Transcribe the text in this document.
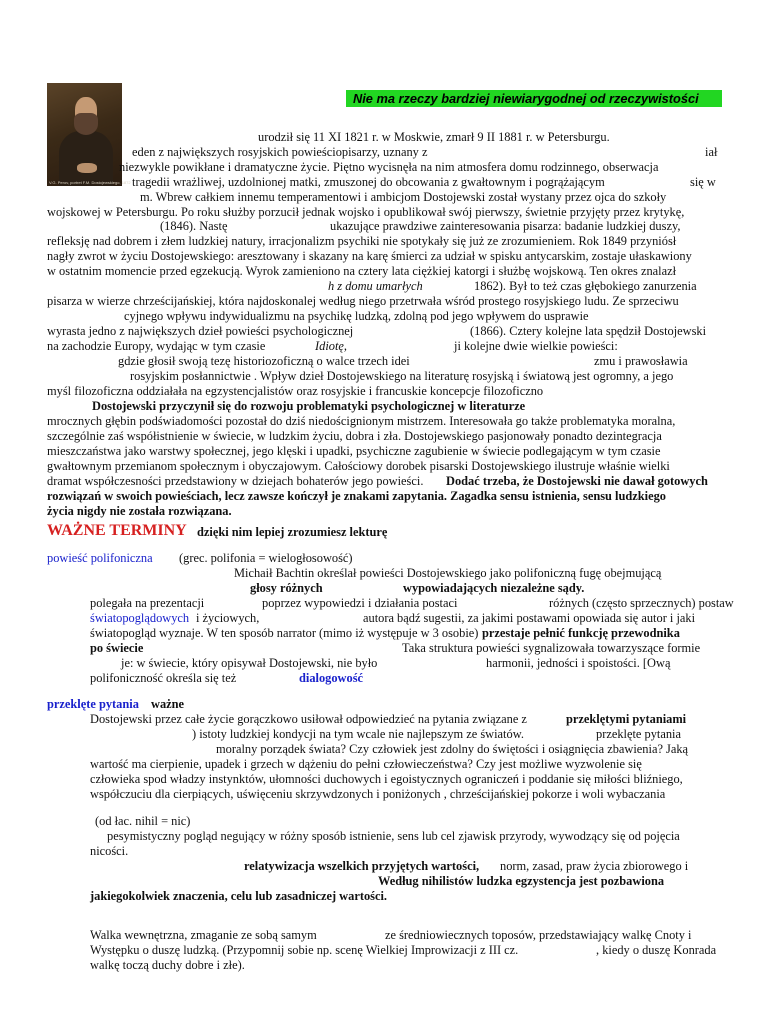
V.G. Perov, portret F.M. Dostojewskiego, 1872
Nie ma rzeczy bardziej niewiarygodnej od rzeczywistości
urodził się 11 XI 1821 r. w Moskwie, zmarł 9 II 1881 r. w Petersburgu.
eden z największych rosyjskich powieściopisarzy, uznany z	iał
niezwykle powikłane i dramatyczne życie. Piętno wycisnęła na nim atmosfera domu rodzinnego, obserwacja
tragedii wrażliwej, uzdolnionej matki, zmuszonej do obcowania z gwałtownym i pogrążającym	się w
m. Wbrew całkiem innemu temperamentowi i ambicjom Dostojewski został wystany przez ojca do szkoły
wojskowej w Petersburgu. Po roku służby porzucił jednak wojsko i opublikował swój pierwszy, świetnie przyjęty przez krytykę,
(1846). Nastę	ukazujące prawdziwe zainteresowania pisarza: badanie ludzkiej duszy,
refleksję nad dobrem i złem ludzkiej natury, irracjonalizm psychiki nie spotykały się już ze zrozumieniem. Rok 1849 przyniósł
nagły zwrot w życiu Dostojewskiego: aresztowany i skazany na karę śmierci za udział w spisku antycarskim, zostaje ułaskawiony
w ostatnim momencie przed egzekucją. Wyrok zamieniono na cztery lata ciężkiej katorgi i służbę wojskową. Ten okres znalazł
h z domu umarłych	1862). Był to też czas głębokiego zanurzenia
pisarza w wierze chrześcijańskiej, która najdoskonalej według niego przetrwała wśród prostego rosyjskiego ludu. Ze sprzeciwu
cyjnego wpływu indywidualizmu na psychikę ludzką, zdolną pod jego wpływem do usprawie
wyrasta jedno z największych dzieł powieści psychologicznej	(1866). Cztery kolejne lata spędził Dostojewski
na zachodzie Europy, wydając w tym czasie	Idiotę,	ji kolejne dwie wielkie powieści:
gdzie głosił swoją tezę historiozoficzną o walce trzech idei	zmu i prawosławia
rosyjskim posłannictwie . Wpływ dzieł Dostojewskiego na literaturę rosyjską i światową jest ogromny, a jego
myśl filozoficzna oddziałała na egzystencjalistów oraz rosyjskie i francuskie koncepcje filozoficzno
Dostojewski przyczynił się do rozwoju problematyki psychologicznej w literaturze
mrocznych głębin podświadomości pozostał do dziś niedoścignionym mistrzem. Interesowała go także problematyka moralna,
szczególnie zaś współistnienie w świecie, w ludzkim życiu, dobra i zła. Dostojewskiego pasjonowały ponadto dezintegracja
mieszczaństwa jako warstwy społecznej, jego klęski i upadki, psychiczne zagubienie w świecie podlegającym w tym czasie
gwałtownym przemianom społecznym i obyczajowym. Całościowy dorobek pisarski Dostojewskiego ilustruje właśnie wielki
dramat współczesności przedstawiony w dziejach bohaterów jego powieści. Dodać trzeba, że Dostojewski nie dawał gotowych
rozwiązań w swoich powieściach, lecz zawsze kończył je znakami zapytania. Zagadka sensu istnienia, sensu ludzkiego
życia nigdy nie została rozwiązana.
WAŻNE TERMINY dzięki nim lepiej zrozumiesz lekturę
powieść polifoniczna (grec. polifonia = wielogłosowość)
Michaił Bachtin określał powieści Dostojewskiego jako polifoniczną fugę obejmującą
głosy różnych	wypowiadających niezależne sądy.
polegała na prezentacji	poprzez wypowiedzi i działania postaci	różnych (często sprzecznych) postaw
światopoglądowych i życiowych,	autora bądź sugestii, za jakimi postawami opowiada się autor i jaki
światopogląd wyznaje. W ten sposób narrator (mimo iż występuje w 3 osobie) przestaje pełnić funkcję przewodnika
po świecie	Taka struktura powieści sygnalizowała towarzyszące formie
je: w świecie, który opisywał Dostojewski, nie było	harmonii, jedności i spoistości. [Ową
polifoniczność określa się też	dialogowość
przeklęte pytania ważne
Dostojewski przez całe życie gorączkowo usiłował odpowiedzieć na pytania związane z	przeklętymi pytaniami
) istoty ludzkiej kondycji na tym wcale nie najlepszym ze światów.	przeklęte pytania
moralny porządek świata? Czy człowiek jest zdolny do świętości i osiągnięcia zbawienia? Jaką
wartość ma cierpienie, upadek i grzech w dążeniu do pełni człowieczeństwa? Czy jest możliwe wyzwolenie się
człowieka spod władzy instynktów, ułomności duchowych i egoistycznych ograniczeń i poddanie się miłości bliźniego,
współczuciu dla cierpiących, uświęceniu skrzywdzonych i poniżonych , chrześcijańskiej pokorze i woli wybaczania
(od łac. nihil = nic)
pesymistyczny pogląd negujący w różny sposób istnienie, sens lub cel zjawisk przyrody, wywodzący się od pojęcia
nicości.
relatywizacja wszelkich przyjętych wartości, norm, zasad, praw życia zbiorowego i
Według nihilistów ludzka egzystencja jest pozbawiona
jakiegokolwiek znaczenia, celu lub zasadniczej wartości.
Walka wewnętrzna, zmaganie ze sobą samym	ze średniowiecznych toposów, przedstawiający walkę Cnoty i
Występku o duszę ludzką. (Przypomnij sobie np. scenę Wielkiej Improwizacji z III cz.	, kiedy o duszę Konrada
walkę toczą duchy dobre i złe).
